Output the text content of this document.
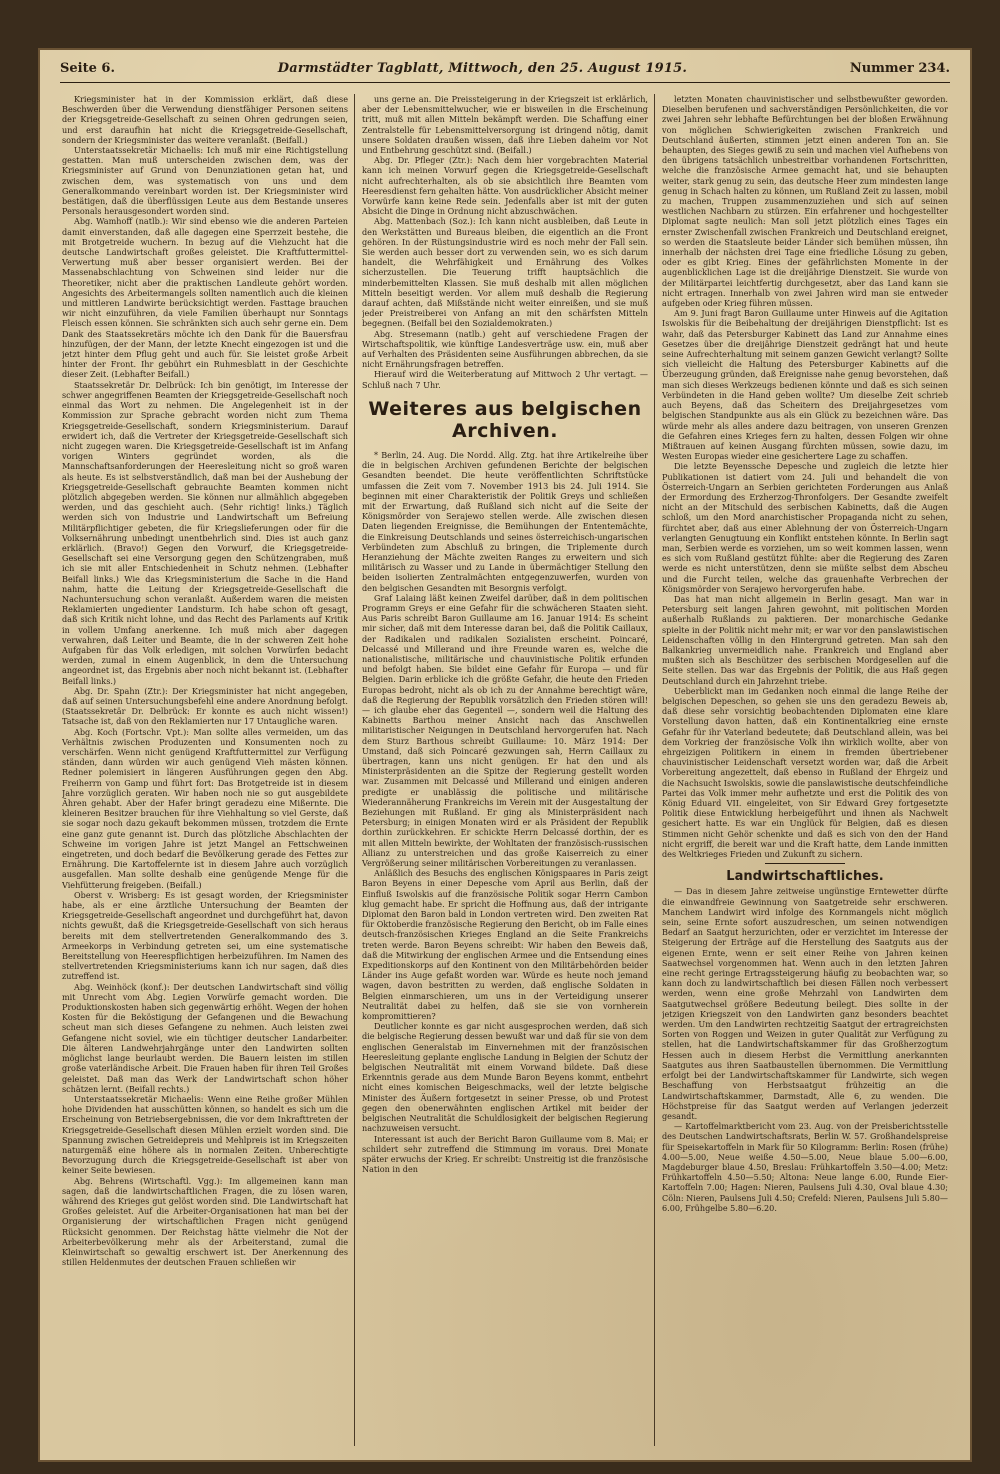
Seite 6.	Darmstädter Tagblatt, Mittwoch, den 25. August 1915.	Nummer 234.

Kriegsminister hat in der Kommission erklärt, daß diese Beschwerden über die Verwendung dienstfähiger Personen seitens der Kriegsgetreide-Gesellschaft zu seinen Ohren gedrungen seien, und erst daraufhin hat nicht die Kriegsgetreide-Gesellschaft, sondern der Kriegsminister das weitere veranlaßt. (Beifall.)

Unterstaatssekretär Michaelis: Ich muß mir eine Richtigstellung gestatten. Man muß unterscheiden zwischen dem, was der Kriegsminister auf Grund von Denunziationen getan hat, und zwischen dem, was systematisch von uns und dem Generalkommando vereinbart worden ist. Der Kriegsminister wird bestätigen, daß die überflüssigen Leute aus dem Bestande unseres Personals herausgesondert worden sind.

Abg. Wamhoff (natlb.): Wir sind ebenso wie die anderen Parteien damit einverstanden, daß alle dagegen eine Sperrzeit bestehe, die mit Brotgetreide wuchern. In bezug auf die Viehzucht hat die deutsche Landwirtschaft großes geleistet. Die Kraftfuttermittel-Verwertung muß aber besser organisiert werden. Bei der Massenabschlachtung von Schweinen sind leider nur die Theoretiker, nicht aber die praktischen Landleute gehört worden. Angesichts des Arbeitermangels sollten namentlich auch die kleinen und mittleren Landwirte berücksichtigt werden. Fasttage brauchen wir nicht einzuführen, da viele Familien überhaupt nur Sonntags Fleisch essen können. Sie schränkten sich auch sehr gerne ein. Dem Dank des Staatssekretärs möchte ich den Dank für die Bauersfrau hinzufügen, der der Mann, der letzte Knecht eingezogen ist und die jetzt hinter dem Pflug geht und auch für. Sie leistet große Arbeit hinter der Front. Ihr gebührt ein Ruhmesblatt in der Geschichte dieser Zeit. (Lebhafter Beifall.)

Staatssekretär Dr. Delbrück: Ich bin genötigt, im Interesse der schwer angegriffenen Beamten der Kriegsgetreide-Gesellschaft noch einmal das Wort zu nehmen. Die Angelegenheit ist in der Kommission zur Sprache gebracht worden nicht zum Thema Kriegsgetreide-Gesellschaft, sondern Kriegsministerium. Darauf erwidert ich, daß die Vertreter der Kriegsgetreide-Gesellschaft sich nicht zugegen waren. Die Kriegsgetreide-Gesellschaft ist im Anfang vorigen Winters gegründet worden, als die Mannschaftsanforderungen der Heeresleitung nicht so groß waren als heute. Es ist selbstverständlich, daß man bei der Aushebung der Kriegsgetreide-Gesellschaft gebrauchte Beamten kommen nicht plötzlich abgegeben werden. Sie können nur allmählich abgegeben werden, und das geschieht auch. (Sehr richtig! links.) Täglich werden sich von Industrie und Landwirtschaft um Befreiung Militärpflichtiger gebeten, die für Kriegslieferungen oder für die Volksernährung unbedingt unentbehrlich sind. Dies ist auch ganz erklärlich. (Bravo!) Gegen den Vorwurf, die Kriegsgetreide-Gesellschaft sei eine Versorgung gegen den Schützengraben, muß ich sie mit aller Entschiedenheit in Schutz nehmen. (Lebhafter Beifall links.) Wie das Kriegsministerium die Sache in die Hand nahm, hatte die Leitung der Kriegsgetreide-Gesellschaft die Nachuntersuchung schon veranlaßt. Außerdem waren die meisten Reklamierten ungedienter Landsturm. Ich habe schon oft gesagt, daß sich Kritik nicht lohne, und das Recht des Parlaments auf Kritik in vollem Umfang anerkenne. Ich muß mich aber dagegen verwahren, daß Leiter und Beamte, die in der schweren Zeit hohe Aufgaben für das Volk erledigen, mit solchen Vorwürfen bedacht werden, zumal in einem Augenblick, in dem die Untersuchung angeordnet ist, das Ergebnis aber noch nicht bekannt ist. (Lebhafter Beifall links.)

Abg. Dr. Spahn (Ztr.): Der Kriegsminister hat nicht angegeben, daß auf seinen Untersuchungsbefehl eine andere Anordnung befolgt. (Staatssekretär Dr. Delbrück: Er konnte es auch nicht wissen!) Tatsache ist, daß von den Reklamierten nur 17 Untaugliche waren.

Abg. Koch (Fortschr. Vpt.): Man sollte alles vermeiden, um das Verhältnis zwischen Produzenten und Konsumenten noch zu verschärfen. Wenn nicht genügend Kraftfuttermittel zur Verfügung ständen, dann würden wir auch genügend Vieh mästen können. Redner polemisiert in längeren Ausführungen gegen den Abg. Freiherrn von Gamp und führt fort: Das Brotgetreide ist in diesem Jahre vorzüglich geraten. Wir haben noch nie so gut ausgebildete Ähren gehabt. Aber der Hafer bringt geradezu eine Mißernte. Die kleineren Besitzer brauchen für ihre Viehhaltung so viel Gerste, daß sie sogar noch dazu gekauft bekommen müssen, trotzdem die Ernte eine ganz gute genannt ist. Durch das plötzliche Abschlachten der Schweine im vorigen Jahre ist jetzt Mangel an Fettschweinen eingetreten, und doch bedarf die Bevölkerung gerade des Fettes zur Ernährung. Die Kartoffelernte ist in diesem Jahre auch vorzüglich ausgefallen. Man sollte deshalb eine genügende Menge für die Viehfütterung freigeben. (Beifall.)

Oberst v. Wrisberg: Es ist gesagt worden, der Kriegsminister habe, als er eine ärztliche Untersuchung der Beamten der Kriegsgetreide-Gesellschaft angeordnet und durchgeführt hat, davon nichts gewußt, daß die Kriegsgetreide-Gesellschaft von sich heraus bereits mit dem stellvertretenden Generalkommando des 3. Armeekorps in Verbindung getreten sei, um eine systematische Bereitstellung von Heerespflichtigen herbeizuführen. Im Namen des stellvertretenden Kriegsministeriums kann ich nur sagen, daß dies zutreffend ist.

Abg. Weinhöck (konf.): Der deutschen Landwirtschaft sind völlig mit Unrecht vom Abg. Legien Vorwürfe gemacht worden. Die Produktionskosten haben sich gegenwärtig erhöht. Wegen der hohen Kosten für die Beköstigung der Gefangenen und die Bewachung scheut man sich dieses Gefangene zu nehmen. Auch leisten zwei Gefangene nicht soviel, wie ein tüchtiger deutscher Landarbeiter. Die älteren Landwehrjahrgänge unter den Landwirten sollten möglichst lange beurlaubt werden. Die Bauern leisten im stillen große vaterländische Arbeit. Die Frauen haben für ihren Teil Großes geleistet. Daß man das Werk der Landwirtschaft schon höher schätzen lernt. (Beifall rechts.)

Unterstaatssekretär Michaelis: Wenn eine Reihe großer Mühlen hohe Dividenden hat ausschütten können, so handelt es sich um die Erscheinung von Betriebsergebnissen, die vor dem Inkrafttreten der Kriegsgetreide-Gesellschaft diesen Mühlen erzielt worden sind. Die Spannung zwischen Getreidepreis und Mehlpreis ist im Kriegszeiten naturgemäß eine höhere als in normalen Zeiten. Unberechtigte Bevorzugung durch die Kriegsgetreide-Gesellschaft ist aber von keiner Seite bewiesen.

Abg. Behrens (Wirtschaftl. Vgg.): Im allgemeinen kann man sagen, daß die landwirtschaftlichen Fragen, die zu lösen waren, während des Krieges gut gelöst worden sind. Die Landwirtschaft hat Großes geleistet. Auf die Arbeiter-Organisationen hat man bei der Organisierung der wirtschaftlichen Fragen nicht genügend Rücksicht genommen. Der Reichstag hätte vielmehr die Not der Arbeiterbevölkerung mehr als der Arbeiterstand, zumal die Kleinwirtschaft so gewaltig erschwert ist. Der Anerkennung des stillen Heldenmutes der deutschen Frauen schließen wir

uns gerne an. Die Preissteigerung in der Kriegszeit ist erklärlich, aber der Lebensmittelwucher, wie er bisweilen in die Erscheinung tritt, muß mit allen Mitteln bekämpft werden. Die Schaffung einer Zentralstelle für Lebensmittelversorgung ist dringend nötig, damit unsere Soldaten draußen wissen, daß ihre Lieben daheim vor Not und Entbehrung geschützt sind. (Beifall.)

Abg. Dr. Pfleger (Ztr.): Nach dem hier vorgebrachten Material kann ich meinen Vorwurf gegen die Kriegsgetreide-Gesellschaft nicht aufrechterhalten, als ob sie absichtlich ihre Beamten vom Heeresdienst fern gehalten hätte. Von ausdrücklicher Absicht meiner Vorwürfe kann keine Rede sein. Jedenfalls aber ist mit der guten Absicht die Dinge in Ordnung nicht abzuschwächen.

Abg. Mattenbach (Soz.): Ich kann nicht ausbleiben, daß Leute in den Werkstätten und Bureaus bleiben, die eigentlich an die Front gehören. In der Rüstungsindustrie wird es noch mehr der Fall sein. Sie werden auch besser dort zu verwenden sein, wo es sich darum handelt, die Wehrfähigkeit und Ernährung des Volkes sicherzustellen. Die Teuerung trifft hauptsächlich die minderbemittelten Klassen. Sie muß deshalb mit allen möglichen Mitteln beseitigt werden. Vor allem muß deshalb die Regierung darauf achten, daß Mißstände nicht weiter einreißen, und sie muß jeder Preistreiberei von Anfang an mit den schärfsten Mitteln begegnen. (Beifall bei den Sozialdemokraten.)

Abg. Stresemann (natlb.) geht auf verschiedene Fragen der Wirtschaftspolitik, wie künftige Landesverträge usw. ein, muß aber auf Verhalten des Präsidenten seine Ausführungen abbrechen, da sie nicht Ernährungsfragen betreffen.

Hierauf wird die Weiterberatung auf Mittwoch 2 Uhr vertagt. — Schluß nach 7 Uhr.

Weiteres aus belgischen Archiven.

* Berlin, 24. Aug. Die Nordd. Allg. Ztg. hat ihre Artikelreihe über die in belgischen Archiven gefundenen Berichte der belgischen Gesandten beendet. Die heute veröffentlichten Schriftstücke umfassen die Zeit vom 7. November 1913 bis 24. Juli 1914. Sie beginnen mit einer Charakteristik der Politik Greys und schließen mit der Erwartung, daß Rußland sich nicht auf die Seite der Königsmörder von Serajewo stellen werde. Alle zwischen diesen Daten liegenden Ereignisse, die Bemühungen der Ententemächte, die Einkreisung Deutschlands und seines österreichisch-ungarischen Verbündeten zum Abschluß zu bringen, die Triplemente durch Heranziehung der Mächte zweiten Ranges zu erweitern und sich militärisch zu Wasser und zu Lande in übermächtiger Stellung den beiden isolierten Zentralmächten entgegenzuwerfen, wurden von den belgischen Gesandten mit Besorgnis verfolgt.

Graf Lalaing läßt keinen Zweifel darüber, daß in dem politischen Programm Greys er eine Gefahr für die schwächeren Staaten sieht. Aus Paris schreibt Baron Guillaume am 16. Januar 1914: Es scheint mir sicher, daß mit dem Interesse daran bei, daß die Politik Caillaux, der Radikalen und radikalen Sozialisten erscheint. Poincaré, Delcassé und Millerand und ihre Freunde waren es, welche die nationalistische, militärische und chauvinistische Politik erfunden und befolgt haben. Sie bildet eine Gefahr für Europa — und für Belgien. Darin erblicke ich die größte Gefahr, die heute den Frieden Europas bedroht, nicht als ob ich zu der Annahme berechtigt wäre, daß die Regierung der Republik vorsätzlich den Frieden stören will! — ich glaube eher das Gegenteil —, sondern weil die Haltung des Kabinetts Barthou meiner Ansicht nach das Anschwellen militaristischer Neigungen in Deutschland hervorgerufen hat. Nach dem Sturz Barthous schreibt Guillaume: 10. März 1914: Der Umstand, daß sich Poincaré gezwungen sah, Herrn Caillaux zu übertragen, kann uns nicht genügen. Er hat den und als Ministerpräsidenten an die Spitze der Regierung gestellt worden war. Zusammen mit Delcassé und Millerand und einigen anderen predigte er unablässig die politische und militärische Wiederannäherung Frankreichs im Verein mit der Ausgestaltung der Beziehungen mit Rußland. Er ging als Ministerpräsident nach Petersburg; in einigen Monaten wird er als Präsident der Republik dorthin zurückkehren. Er schickte Herrn Delcassé dorthin, der es mit allen Mitteln bewirkte, der Wohltaten der französisch-russischen Allianz zu unterstreichen und das große Kaiserreich zu einer Vergrößerung seiner militärischen Vorbereitungen zu veranlassen.

Anläßlich des Besuchs des englischen Königspaares in Paris zeigt Baron Beyens in einer Depesche vom April aus Berlin, daß der Einfluß Iswolskis auf die französische Politik sogar Herrn Cambon klug gemacht habe. Er spricht die Hoffnung aus, daß der intrigante Diplomat den Baron bald in London vertreten wird. Den zweiten Rat für Oktoberdie französische Regierung den Bericht, ob im Falle eines deutsch-französischen Krieges England an die Seite Frankreichs treten werde. Baron Beyens schreibt: Wir haben den Beweis daß, daß die Mitwirkung der englischen Armee und die Entsendung eines Expeditionskorps auf den Kontinent von den Militärbehörden beider Länder ins Auge gefaßt worden war. Würde es heute noch jemand wagen, davon bestritten zu werden, daß englische Soldaten in Belgien einmarschieren, um uns in der Verteidigung unserer Neutralität dabei zu helfen, daß sie sie von vornherein kompromittieren?

Deutlicher konnte es gar nicht ausgesprochen werden, daß sich die belgische Regierung dessen bewußt war und daß für sie von dem englischen Generalstab im Einvernehmen mit der französischen Heeresleitung geplante englische Landung in Belgien der Schutz der belgischen Neutralität mit einem Vorwand bildete. Daß diese Erkenntnis gerade aus dem Munde Baron Beyens kommt, entbehrt nicht eines komischen Beigeschmacks, weil der letzte belgische Minister des Äußern fortgesetzt in seiner Presse, ob und Protest gegen den obenerwähnten englischen Artikel mit beider der belgischen Neutralität die Schuldlosigkeit der belgischen Regierung nachzuweisen versucht.

Interessant ist auch der Bericht Baron Guillaume vom 8. Mai; er schildert sehr zutreffend die Stimmung im voraus. Drei Monate später erwuchs der Krieg. Er schreibt: Unstreitig ist die französische Nation in den

letzten Monaten chauvinistischer und selbstbewußter geworden. Dieselben berufenen und sachverständigen Persönlichkeiten, die vor zwei Jahren sehr lebhafte Befürchtungen bei der bloßen Erwähnung von möglichen Schwierigkeiten zwischen Frankreich und Deutschland äußerten, stimmen jetzt einen anderen Ton an. Sie behaupten, des Sieges gewiß zu sein und machen viel Aufhebens von den übrigens tatsächlich unbestreitbar vorhandenen Fortschritten, welche die französische Armee gemacht hat, und sie behaupten weiter, stark genug zu sein, das deutsche Heer zum mindesten lange genug in Schach halten zu können, um Rußland Zeit zu lassen, mobil zu machen, Truppen zusammenzuziehen und sich auf seinen westlichen Nachbarn zu stürzen. Ein erfahrener und hochgestellter Diplomat sagte neulich: Man soll jetzt plötzlich eines Tages ein ernster Zwischenfall zwischen Frankreich und Deutschland ereignet, so werden die Staatsleute beider Länder sich bemühen müssen, ihn innerhalb der nächsten drei Tage eine friedliche Lösung zu geben, oder es gibt Krieg. Eines der gefährlichsten Momente in der augenblicklichen Lage ist die dreijährige Dienstzeit. Sie wurde von der Militärpartei leichtfertig durchgesetzt, aber das Land kann sie nicht ertragen. Innerhalb von zwei Jahren wird man sie entweder aufgeben oder Krieg führen müssen.

Am 9. Juni fragt Baron Guillaume unter Hinweis auf die Agitation Iswolskis für die Beibehaltung der dreijährigen Dienstpflicht: Ist es wahr, daß das Petersburger Kabinett das Land zur Annahme eines Gesetzes über die dreijährige Dienstzeit gedrängt hat und heute seine Aufrechterhaltung mit seinem ganzen Gewicht verlangt? Sollte sich vielleicht die Haltung des Petersburger Kabinetts auf die Überzeugung gründen, daß Ereignisse nahe genug bevorstehen, daß man sich dieses Werkzeugs bedienen könnte und daß es sich seinen Verbündeten in die Hand geben wollte? Um dieselbe Zeit schrieb auch Beyens, daß das Scheitern des Dreijahrgesetzes vom belgischen Standpunkte aus als ein Glück zu bezeichnen wäre. Das würde mehr als alles andere dazu beitragen, von unseren Grenzen die Gefahren eines Krieges fern zu halten, dessen Folgen wir ohne Mißtrauen auf keinen Ausgang fürchten müssen, sowie dazu, im Westen Europas wieder eine gesichertere Lage zu schaffen.

Die letzte Beyenssche Depesche und zugleich die letzte hier Publikationen ist datiert vom 24. Juli und behandelt die von Österreich-Ungarn an Serbien gerichteten Forderungen aus Anlaß der Ermordung des Erzherzog-Thronfolgers. Der Gesandte zweifelt nicht an der Mitschuld des serbischen Kabinetts, daß die Augen schloß, um den Mord anarchistischer Propaganda nicht zu sehen, fürchtet aber, daß aus einer Ablehnung der von Österreich-Ungarn verlangten Genugtuung ein Konflikt entstehen könnte. In Berlin sagt man, Serbien werde es vorziehen, um so weit kommen lassen, wenn es sich vom Rußland gestützt fühlte: aber die Regierung des Zaren werde es nicht unterstützen, denn sie müßte selbst dem Abscheu und die Furcht teilen, welche das grauenhafte Verbrechen der Königsmörder von Serajewo hervorgerufen habe.

Das hat man nicht allgemein in Berlin gesagt. Man war in Petersburg seit langen Jahren gewohnt, mit politischen Morden außerhalb Rußlands zu paktieren. Der monarchische Gedanke spielte in der Politik nicht mehr mit; er war vor den panslawistischen Leidenschaften völlig in den Hintergrund getreten. Man sah den Balkankrieg unvermeidlich nahe. Frankreich und England aber mußten sich als Beschützer des serbischen Mordgesellen auf die Seite stellen. Das war das Ergebnis der Politik, die aus Haß gegen Deutschland durch ein Jahrzehnt triebe.

Ueberblickt man im Gedanken noch einmal die lange Reihe der belgischen Depeschen, so gehen sie uns den geradezu Beweis ab, daß diese sehr vorsichtig beobachtenden Diplomaten eine klare Vorstellung davon hatten, daß ein Kontinentalkrieg eine ernste Gefahr für ihr Vaterland bedeutete; daß Deutschland allein, was bei dem Vorkrieg der französische Volk ihn wirklich wollte, aber von ehrgeizigen Politikern in einem in fremden übertriebener chauvinistischer Leidenschaft versetzt worden war, daß die Arbeit Vorbereitung angezettelt, daß ebenso in Rußland der Ehrgeiz und die Nachsucht Iswolskis, sowie die panslawistische deutschfeindliche Partei das Volk immer mehr aufhetzte und erst die Politik des von König Eduard VII. eingeleitet, von Sir Edward Grey fortgesetzte Politik diese Entwicklung herbeigeführt und ihnen als Nachwelt gesichert hatte. Es war ein Unglück für Belgien, daß es diesen Stimmen nicht Gehör schenkte und daß es sich von den der Hand nicht ergriff, die bereit war und die Kraft hatte, dem Lande inmitten des Weltkrieges Frieden und Zukunft zu sichern.

Landwirtschaftliches.

— Das in diesem Jahre zeitweise ungünstige Erntewetter dürfte die einwandfreie Gewinnung von Saatgetreide sehr erschweren. Manchem Landwirt wird infolge des Kornmangels nicht möglich sein, seine Ernte sofort auszudreschen, um seinen notwendigen Bedarf an Saatgut herzurichten, oder er verzichtet im Interesse der Steigerung der Erträge auf die Herstellung des Saatguts aus der eigenen Ernte, wenn er seit einer Reihe von Jahren keinen Saatwechsel vorgenommen hat. Wenn auch in den letzten Jahren eine recht geringe Ertragssteigerung häufig zu beobachten war, so kann doch zu landwirtschaftlich bei diesen Fällen noch verbessert werden, wenn eine große Mehrzahl von Landwirten dem Saatgutwechsel größere Bedeutung beilegt. Dies sollte in der jetzigen Kriegszeit von den Landwirten ganz besonders beachtet werden. Um den Landwirten rechtzeitig Saatgut der ertragreichsten Sorten von Roggen und Weizen in guter Qualität zur Verfügung zu stellen, hat die Landwirtschaftskammer für das Großherzogtum Hessen auch in diesem Herbst die Vermittlung anerkannten Saatgutes aus ihren Saatbaustellen übernommen. Die Vermittlung erfolgt bei der Landwirtschaftskammer für Landwirte, sich wegen Beschaffung von Herbstsaatgut frühzeitig an die Landwirtschaftskammer, Darmstadt, Alle 6, zu wenden. Die Höchstpreise für das Saatgut werden auf Verlangen jederzeit gesandt.

— Kartoffelmarktbericht vom 23. Aug. von der Preisberichtsstelle des Deutschen Landwirtschaftsrats, Berlin W. 57. Großhandelspreise für Speisekartoffeln in Mark für 50 Kilogramm: Berlin: Rosen (frühe) 4.00—5.00, Neue weiße 4.50—5.00, Neue blaue 5.00—6.00, Magdeburger blaue 4.50, Breslau: Frühkartoffeln 3.50—4.00; Metz: Frühkartoffeln 4.50—5.50; Altona: Neue lange 6.00, Runde Eier-Kartoffeln 7.00; Hagen: Nieren, Paulsens Juli 4.30, Oval blaue 4.30; Cöln: Nieren, Paulsens Juli 4.50; Crefeld: Nieren, Paulsens Juli 5.80—6.00, Frühgelbe 5.80—6.20.
